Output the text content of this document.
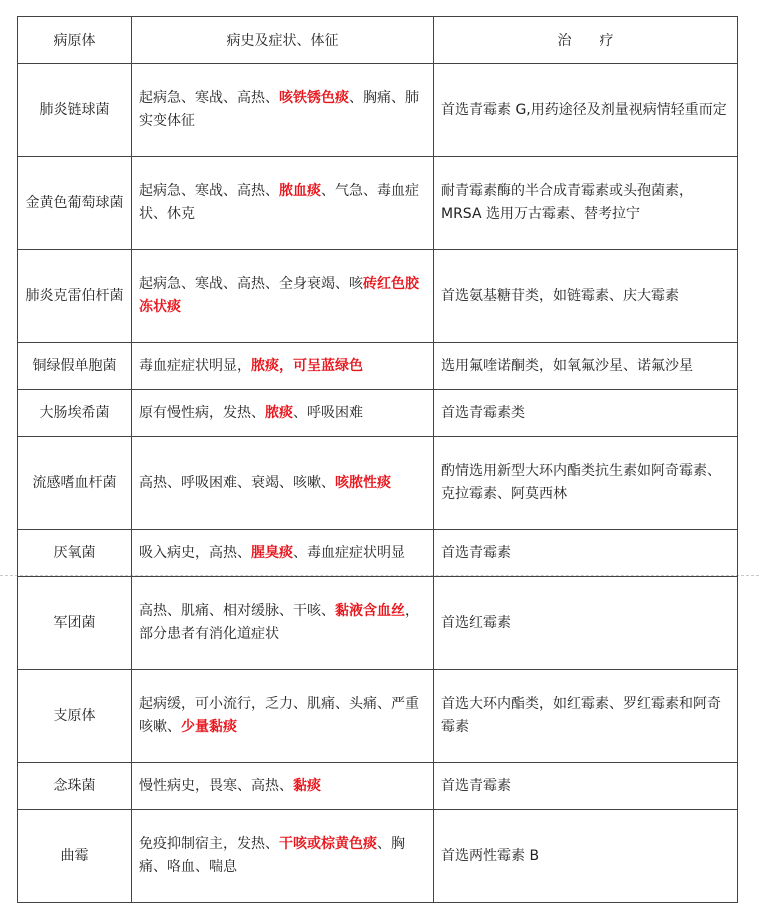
病原体	病史及症状、体征	治　　疗
肺炎链球菌	起病急、寒战、高热、咳铁锈色痰、胸痛、肺实变体征	首选青霉素 G,用药途径及剂量视病情轻重而定
金黄色葡萄球菌	起病急、寒战、高热、脓血痰、气急、毒血症状、休克	耐青霉素酶的半合成青霉素或头孢菌素，MRSA 选用万古霉素、替考拉宁
肺炎克雷伯杆菌	起病急、寒战、高热、全身衰竭、咳砖红色胶冻状痰	首选氨基糖苷类，如链霉素、庆大霉素
铜绿假单胞菌	毒血症症状明显，脓痰，可呈蓝绿色	选用氟喹诺酮类，如氧氟沙星、诺氟沙星
大肠埃希菌	原有慢性病，发热、脓痰、呼吸困难	首选青霉素类
流感嗜血杆菌	高热、呼吸困难、衰竭、咳嗽、咳脓性痰	酌情选用新型大环内酯类抗生素如阿奇霉素、克拉霉素、阿莫西林
厌氧菌	吸入病史，高热、腥臭痰、毒血症症状明显	首选青霉素
军团菌	高热、肌痛、相对缓脉、干咳、黏液含血丝，部分患者有消化道症状	首选红霉素
支原体	起病缓，可小流行，乏力、肌痛、头痛、严重咳嗽、少量黏痰	首选大环内酯类，如红霉素、罗红霉素和阿奇霉素
念珠菌	慢性病史，畏寒、高热、黏痰	首选青霉素
曲霉	免疫抑制宿主，发热、干咳或棕黄色痰、胸痛、咯血、喘息	首选两性霉素 B
